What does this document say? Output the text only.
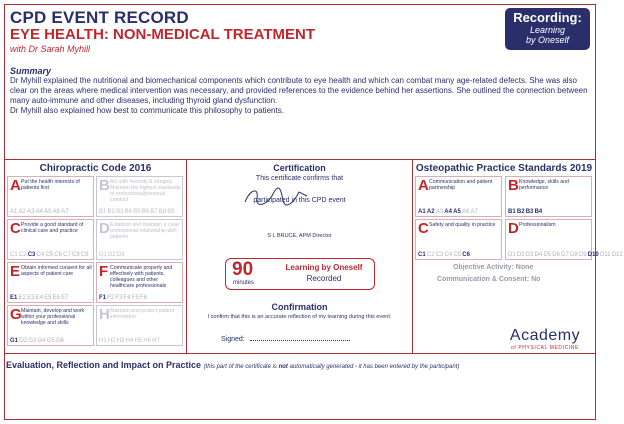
CPD EVENT RECORD
EYE HEALTH: NON-MEDICAL TREATMENT
with Dr Sarah Myhill
Recording:
Learning
by Oneself
Summary

Dr Myhill explained the nutritional and biomechanical components which contribute to eye health and which can combat many age-related defects. She was also clear on the areas where medical intervention was necessary, and provided references to the evidence behind her assertions. She outlined the connection between many auto-immune and other diseases, including thyroid gland dysfunction.

Dr Myhill also explained how best to communicate this philosophy to patients.

Chiropractic Code 2016
A Put the health interests of patients first
A1A2A3A4A5A6A7
B Act with honesty & integrity. Maintain the highest standards of professional/personal conduct
B1B2B3B4B5B6B7B8B9
C Provide a good standard of clinical care and practice
C1C2C3C4C5C6C7C8C9
D Establish and maintain a clear professional relationship with patients
D1D2D3
E Obtain informed consent for all aspects of patient care
E1E2E3E4E5E6E7
F Communicate properly and effectively with patients, colleagues and other healthcare professionals
F1F2F3F4F5F6
G Maintain, develop and work within your professional knowledge and skills
G1G2G3G4G5G6
H Maintain and protect patient information
H1H2H3H4H5H6H7
Certification
This certificate confirms that
participated in this CPD event
S L BRUCE, APM Director
90
minutes
Learning by Oneself
Recorded
Confirmation
I confirm that this is an accurate reflection of my learning during this event.
Signed:
Osteopathic Practice Standards 2019
A Communication and patient partnership
A1A2A3A4A5A6A7
B Knowledge, skills and performance
B1B2B3B4
C Safety and quality in practice
C1C2C3C4C5C6
D Professionalism
D1D2D3D4D5D6D7D8D9D10D11D12
Objective Activity: None
Communication & Consent: No
Academy
of PHYSICAL MEDICINE
Evaluation, Reflection and Impact on Practice (this part of the certificate is not automatically generated - it has been entered by the participant)
